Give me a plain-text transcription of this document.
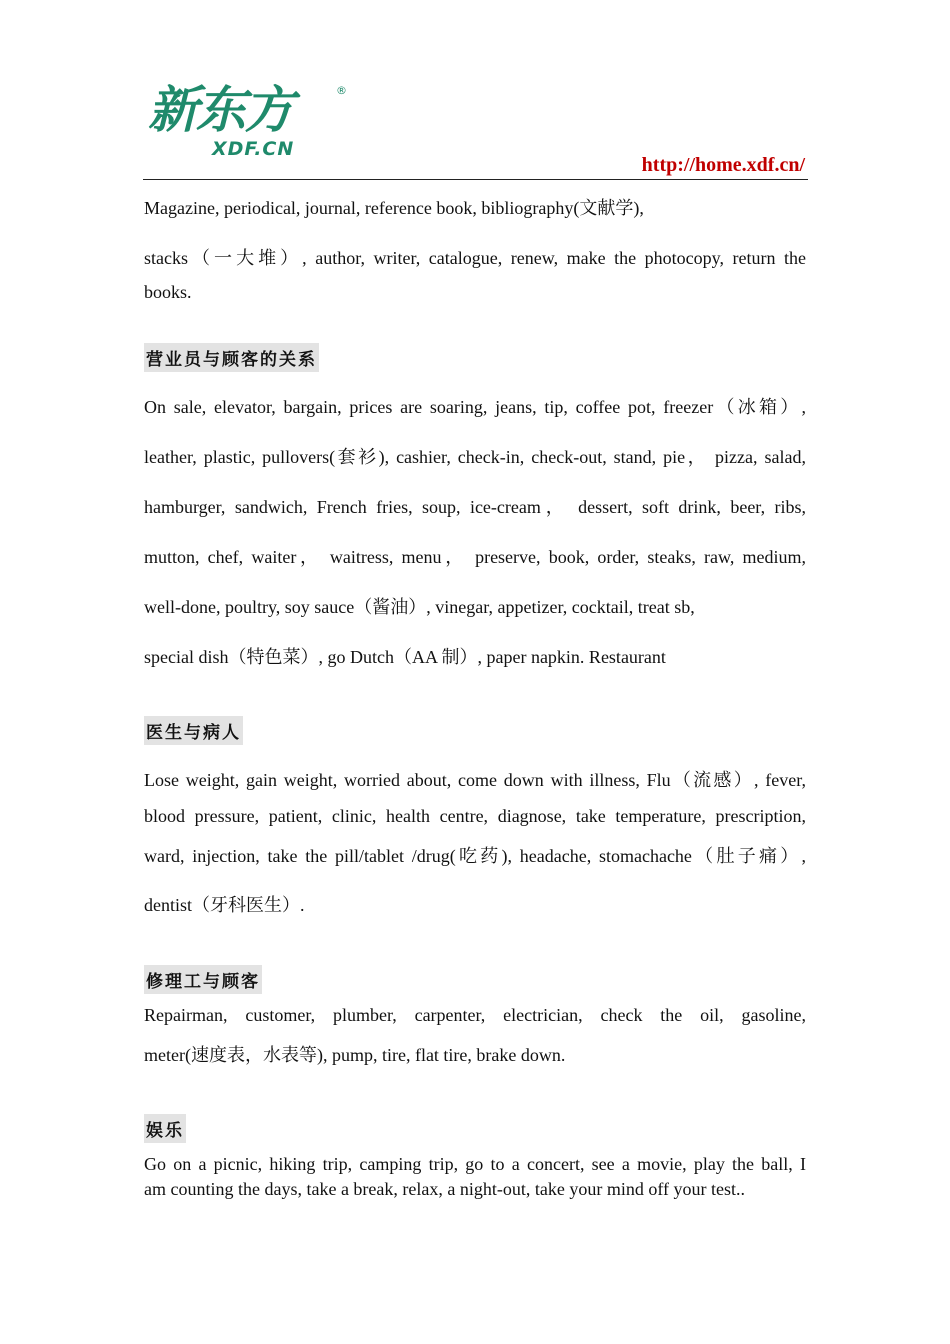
新东方	®
XDF.CN
http://home.xdf.cn/
Magazine, periodical, journal, reference book, bibliography(文献学),
stacks（一大堆）, author, writer, catalogue, renew, make the photocopy, return the
books.
营业员与顾客的关系
On sale, elevator, bargain, prices are soaring, jeans, tip, coffee pot, freezer（冰箱）,
leather, plastic, pullovers(套衫), cashier, check-in, check-out, stand, pie， pizza, salad,
hamburger, sandwich, French fries, soup, ice-cream， dessert, soft drink, beer, ribs,
mutton, chef, waiter， waitress, menu， preserve, book, order, steaks, raw, medium,
well-done, poultry, soy sauce（酱油）, vinegar, appetizer, cocktail, treat sb,
special dish（特色菜）, go Dutch（AA 制）, paper napkin. Restaurant
医生与病人
Lose weight, gain weight, worried about, come down with illness, Flu（流感）, fever,
blood pressure, patient, clinic, health centre, diagnose, take temperature, prescription,
ward, injection, take the pill/tablet /drug(吃药), headache, stomachache（肚子痛）,
dentist（牙科医生）.
修理工与顾客
Repairman, customer, plumber, carpenter, electrician, check the oil, gasoline,
meter(速度表，水表等), pump, tire, flat tire, brake down.
娱乐
Go on a picnic, hiking trip, camping trip, go to a concert, see a movie, play the ball, I
am counting the days, take a break, relax, a night-out, take your mind off your test..
